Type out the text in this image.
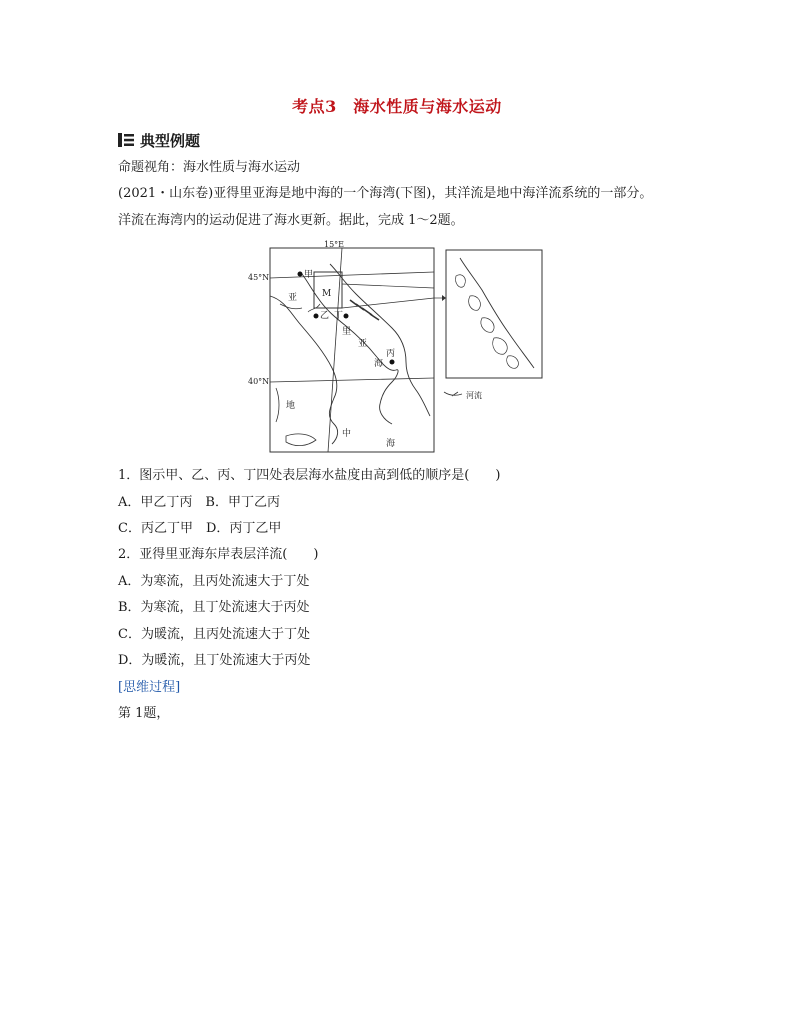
考点3　海水性质与海水运动
典型例题
命题视角：海水性质与海水运动
(2021・山东卷)亚得里亚海是地中海的一个海湾(下图)，其洋流是地中海洋流系统的一部分。
洋流在海湾内的运动促进了海水更新。据此，完成 1～2题。
15°E
45°N
40°N
M
甲
乙 丁
丙
亚
里
亚
海
地
中
海
河流
1．图示甲、乙、丙、丁四处表层海水盐度由高到低的顺序是(　　)
A．甲乙丁丙　B．甲丁乙丙
C．丙乙丁甲　D．丙丁乙甲
2．亚得里亚海东岸表层洋流(　　)
A．为寒流，且丙处流速大于丁处
B．为寒流，且丁处流速大于丙处
C．为暖流，且丙处流速大于丁处
D．为暖流，且丁处流速大于丙处
[思维过程]
第 1题，
